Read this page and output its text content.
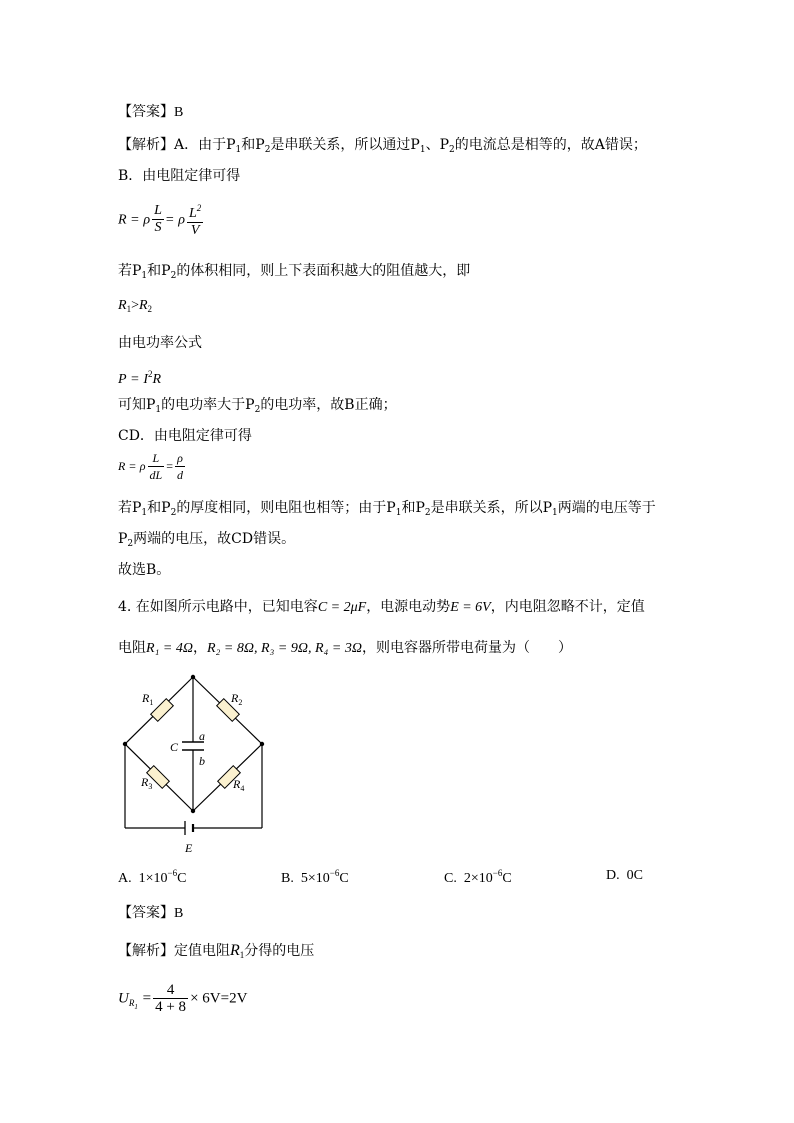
【答案】B
【解析】A．由于$P_1$和$P_2$是串联关系，所以通过$P_1$、$P_2$的电流总是相等的，故A错误；
B．由电阻定律可得
R = ρ $\frac{L}{S} = \rho \frac{L^2}{V}$
若$P_1$和$P_2$的体积相同，则上下表面积越大的阻值越大，即
$R_1>R_2$
由电功率公式
$P = I^2R$
可知$P_1$的电功率大于$P_2$的电功率，故B正确；
CD．由电阻定律可得
R = ρ $\frac{L}{dL} = \frac{\rho}{d}$
若$P_1$和$P_2$的厚度相同，则电阻也相等；由于$P_1$和$P_2$是串联关系，所以$P_1$两端的电压等于
$P_2$两端的电压，故CD错误。
故选B。
4. 在如图所示电路中，已知电容C = 2μF，电源电动势E = 6V，内电阻忽略不计，定值
电阻R₁ = 4Ω，R₂ = 8Ω, R₃ = 9Ω, R₄ = 3Ω，则电容器所带电荷量为（　　）
$R_1$	$R_2$
$R_3$	$R_4$
C
a
b
E
A. $1\times 10^{-6}C$	B. $5\times 10^{-6}C$	C. $2\times 10^{-6}C$	D. 0C
【答案】B
【解析】定值电阻$R_1$分得的电压
$U_{R_1} = \frac{4}{4 + 8} \times 6V=2V$
